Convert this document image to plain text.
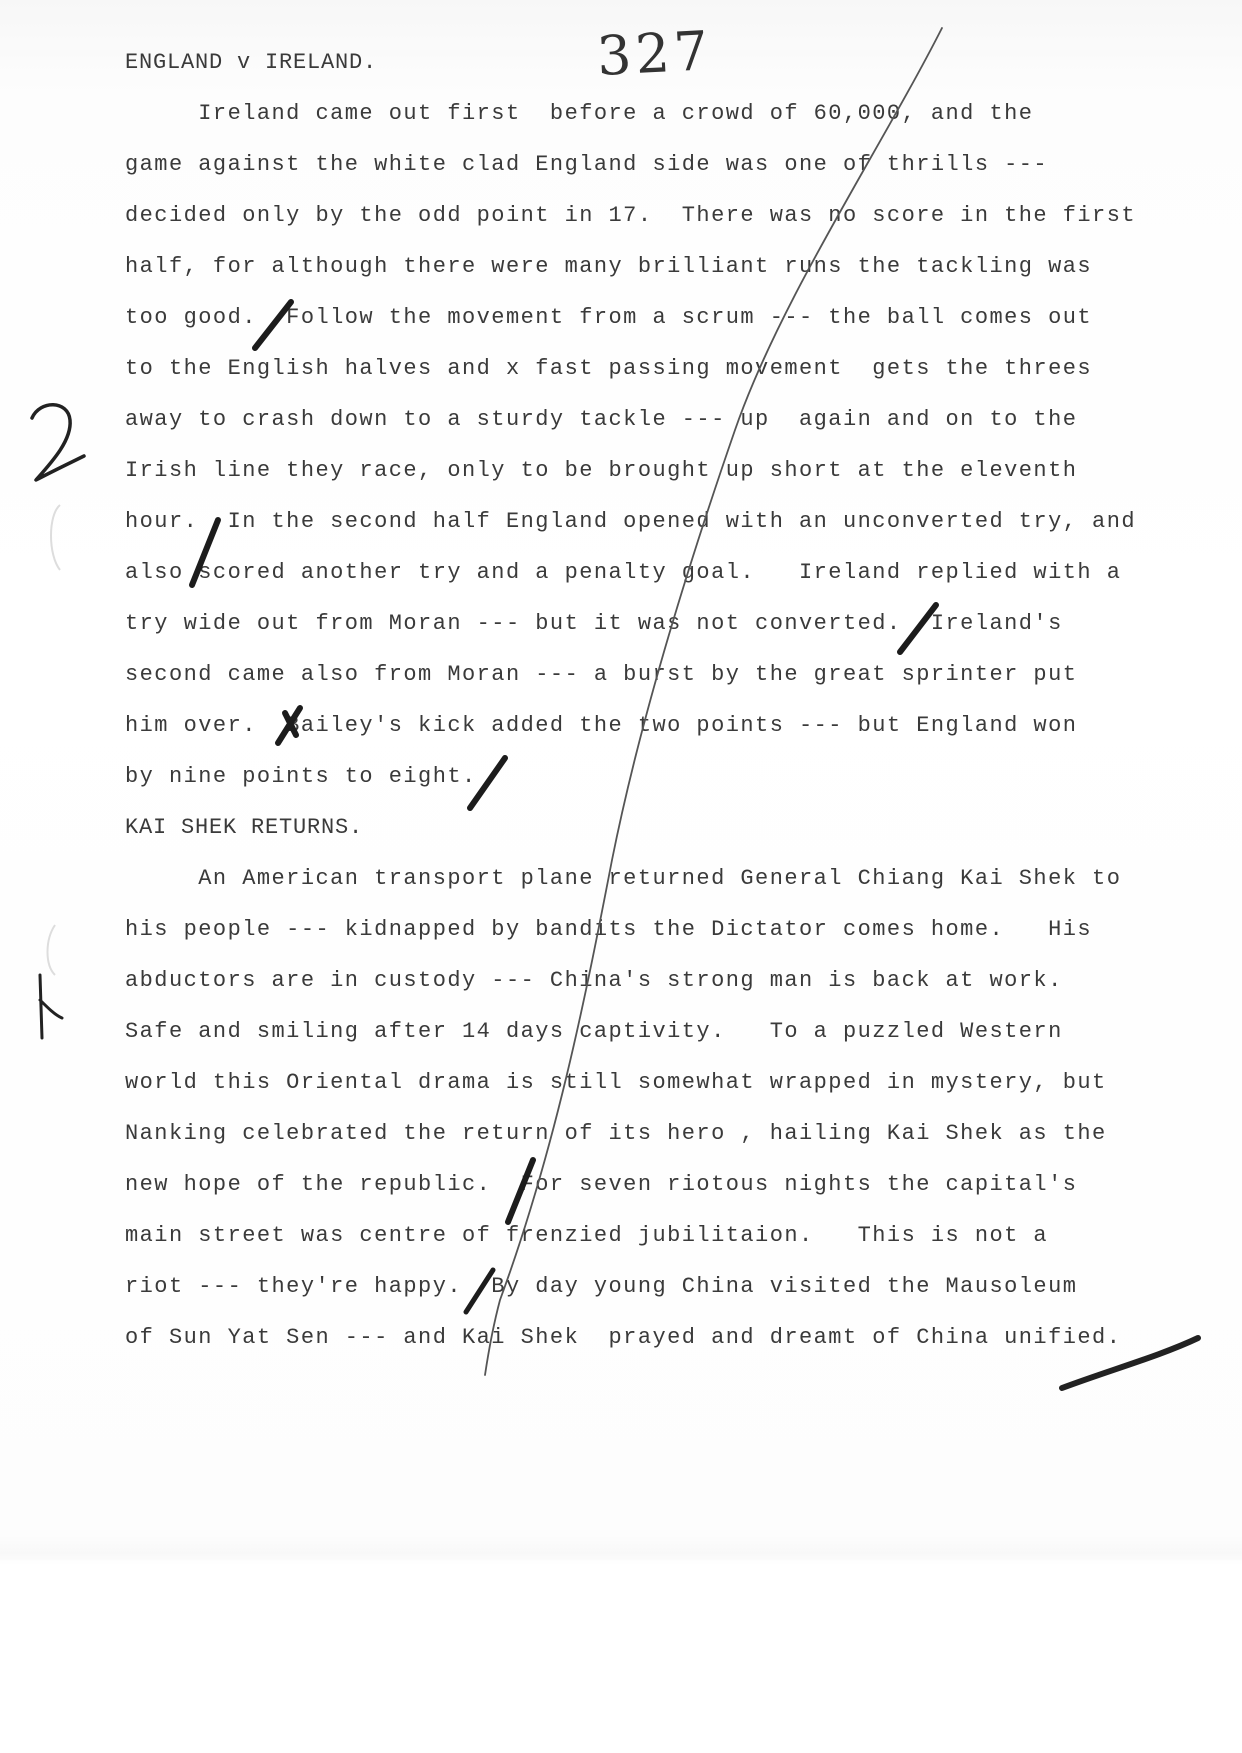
327
ENGLAND v IRELAND.
Ireland came out first  before a crowd of 60,000, and the
game against the white clad England side was one of thrills ---
decided only by the odd point in 17.  There was no score in the first
half, for although there were many brilliant runs the tackling was
too good.  Follow the movement from a scrum --- the ball comes out
to the English halves and x fast passing movement  gets the threes
away to crash down to a sturdy tackle --- up  again and on to the
Irish line they race, only to be brought up short at the eleventh
hour.  In the second half England opened with an unconverted try, and
also scored another try and a penalty goal.   Ireland replied with a
try wide out from Moran --- but it was not converted.  Ireland's
second came also from Moran --- a burst by the great sprinter put
him over.  Bailey's kick added the two points --- but England won
by nine points to eight.
KAI SHEK RETURNS.
An American transport plane returned General Chiang Kai Shek to
his people --- kidnapped by bandits the Dictator comes home.   His
abductors are in custody --- China's strong man is back at work.
Safe and smiling after 14 days captivity.   To a puzzled Western
world this Oriental drama is still somewhat wrapped in mystery, but
Nanking celebrated the return of its hero , hailing Kai Shek as the
new hope of the republic.  For seven riotous nights the capital's
main street was centre of frenzied jubilitaion.   This is not a
riot --- they're happy.  By day young China visited the Mausoleum
of Sun Yat Sen --- and Kai Shek  prayed and dreamt of China unified.
